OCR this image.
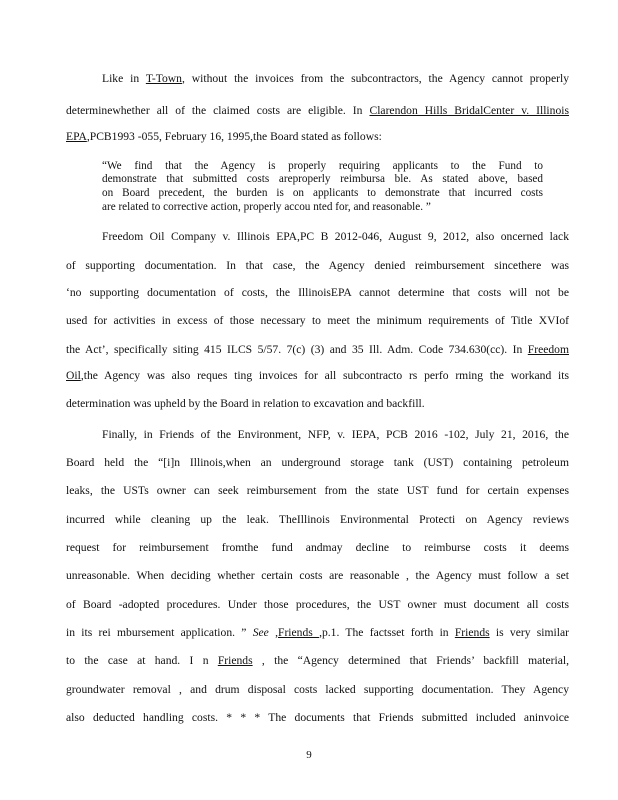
Like in T-Town, without the invoices from the subcontractors, the Agency cannot properly
determinewhether all of the claimed costs are eligible. In Clarendon Hills BridalCenter v. Illinois
EPA,PCB1993 -055, February 16, 1995,the Board stated as follows:
“We find that the Agency is properly requiring applicants to the Fund to
demonstrate that submitted costs areproperly reimbursa ble. As stated above, based
on Board precedent, the burden is on applicants to demonstrate that incurred costs
are related to corrective action, properly accou nted for, and reasonable. ”
Freedom Oil Company v. Illinois EPA,PC B 2012-046, August 9, 2012, also oncerned lack
of supporting documentation. In that case, the Agency denied reimbursement sincethere was
‘no supporting documentation of costs, the IllinoisEPA cannot determine that costs will not be
used for activities in excess of those necessary to meet the minimum requirements of Title XVIof
the Act’, specifically siting 415 ILCS 5/57. 7(c) (3) and 35 Ill. Adm. Code 734.630(cc). In Freedom
Oil,the Agency was also reques ting invoices for all subcontracto rs perfo rming the workand its
determination was upheld by the Board in relation to excavation and backfill.
Finally, in Friends of the Environment, NFP, v. IEPA, PCB 2016 -102, July 21, 2016, the
Board held the “[i]n Illinois,when an underground storage tank (UST) containing petroleum
leaks, the USTs owner can seek reimbursement from the state UST fund for certain expenses
incurred while cleaning up the leak. TheIllinois Environmental Protecti on Agency reviews
request for reimbursement fromthe fund andmay decline to reimburse costs it deems
unreasonable. When deciding whether certain costs are reasonable , the Agency must follow a set
of Board -adopted procedures. Under those procedures, the UST owner must document all costs
in its rei mbursement application. ” See ,Friends ,p.1. The factsset forth in Friends is very similar
to the case at hand. I n Friends , the “Agency determined that Friends’ backfill material,
groundwater removal , and drum disposal costs lacked supporting documentation. They Agency
also deducted handling costs. * * * The documents that Friends submitted included aninvoice
9
